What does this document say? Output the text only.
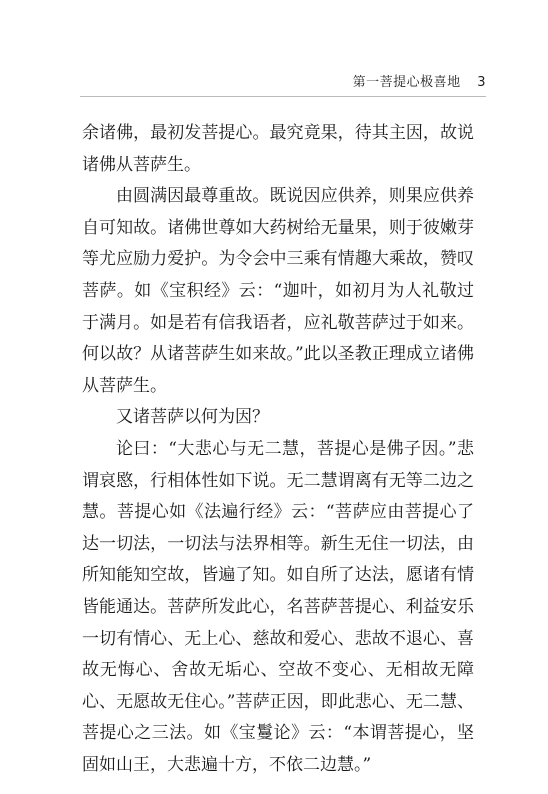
第一菩提心极喜地 3

余诸佛，最初发菩提心。最究竟果，待其主因，故说诸佛从菩萨生。

由圆满因最尊重故。既说因应供养，则果应供养自可知故。诸佛世尊如大药树给无量果，则于彼嫩芽等尤应励力爱护。为令会中三乘有情趣大乘故，赞叹菩萨。如《宝积经》云：“迦叶，如初月为人礼敬过于满月。如是若有信我语者，应礼敬菩萨过于如来。何以故？从诸菩萨生如来故。”此以圣教正理成立诸佛从菩萨生。

又诸菩萨以何为因？

论曰：“大悲心与无二慧，菩提心是佛子因。”悲谓哀愍，行相体性如下说。无二慧谓离有无等二边之慧。菩提心如《法遍行经》云：“菩萨应由菩提心了达一切法，一切法与法界相等。新生无住一切法，由所知能知空故，皆遍了知。如自所了达法，愿诸有情皆能通达。菩萨所发此心，名菩萨菩提心、利益安乐一切有情心、无上心、慈故和爱心、悲故不退心、喜故无悔心、舍故无垢心、空故不变心、无相故无障心、无愿故无住心。”菩萨正因，即此悲心、无二慧、菩提心之三法。如《宝鬘论》云：“本谓菩提心，坚固如山王，大悲遍十方，不依二边慧。”
